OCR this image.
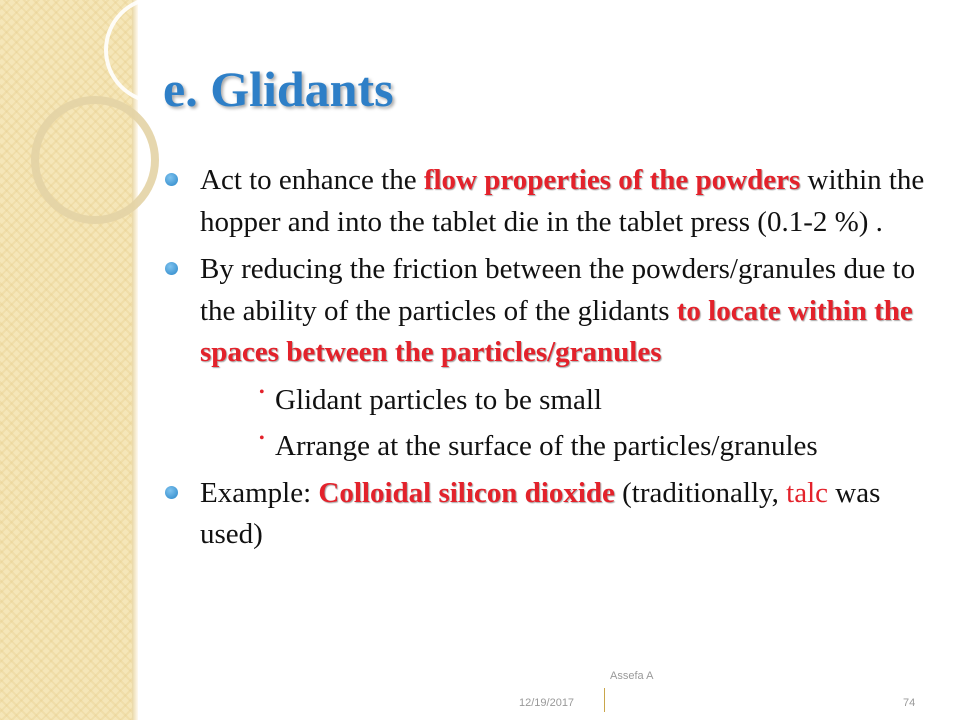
e. Glidants
Act to enhance the flow properties of the powders within the hopper and into the tablet die in the tablet press (0.1-2 %) .
By reducing the friction between the powders/granules due to the ability of the particles of the glidants to locate within the spaces between the particles/granules
• Glidant particles to be small
• Arrange at the surface of the particles/granules
Example: Colloidal silicon dioxide (traditionally, talc was used)
Assefa A
12/19/2017	74
